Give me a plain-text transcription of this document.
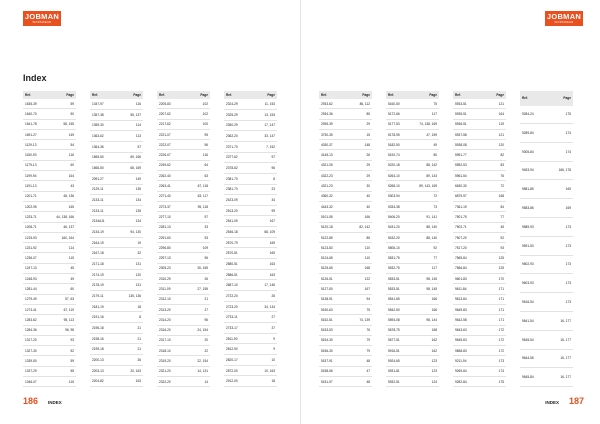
JOBMAN
WORKWEAR
Index
Ref.	Page
1635-39	59
1640-70	50
1641-78	58, 155
1691-27	149
1129-13	54
1150-93	116
1179-13	60
1199-94	164
1191-13	43
1201-71	48, 136
1202-95	165
1233-71	44, 138, 166
1208-71	46, 137
1215-93	160, 164
1231-92	114
1236-07	115
1247-13	45
1248-93	49
1281-44	60
1279-49	57, 63
1273-41	67, 119
1283-62	95, 113
1284-36	96, 98
1317-20	93
1327-30	52
1339-50	59
1337-29	55
1346-07	115
Ref.	Page
1347-97	116
1357-38	55, 137
1359-30	114
1363-62	113
1364-36	57
1565-50	69, 166
1566-50	68, 169
2091-27	149
2129-11	135
2133-11	134
2133-11	135
2134A11	134
2134-19	94, 130
2164-19	19
2167-18	32
2171-18	131
2174-19	120
2178-19	131
2179-11	135, 136
2181-19	18
2191-16	8
2196-18	21
2198-16	21
2199-18	21
2200-13	26
2203-13	20, 163
2204-82	163
Ref.	Page
2205-83	102
2207-62	102
2217-62	100
2221-07	95
2222-07	96
2226-07	116
2249-62	64
2262-40	63
2263-41	67, 118
2271-40	63, 117
2273-37	95, 118
2277-10	97
2281-13	33
2291-60	93
2296-80	109
2297-13	96
2305-23	26, 155
2310-29	26
2311-09	27, 155
2312-10	21
2313-20	27
2314-20	96
2316-20	24, 154
2317-10	20
2318-10	22
2319-20	22, 154
2321-20	14, 131
2322-20	14
Ref.	Page
2324-29	11, 153
2325-29	13, 153
2350-29	17, 147
2362-20	33, 147
2371-70	7, 152
2377-62	97
2378-62	96
2381-70	8
2381-70	23
2423-09	34
2513-20	99
2541-09	167
2546-18	68, 109
2570-79	169
2570-51	169
2580-51	163
2586-51	163
2687-10	17, 146
2722-20	26
2723-20	34, 134
2733-11	27
2733-17	37
2811-90	9
2812-90	9
2820-17	10
2872-00	10, 163
2912-00	18
186 INDEX
JOBMAN
WORKWEAR
Ref.	Page
2933-62	86, 112
2934-36	85
2935-39	29
3730-35	15
4030-37	148
4145-13	26
4321-05	29
4322-23	29
4321-23	30
4360-32	40
4443-32	40
5101-55	166
5120-18	82, 142
5122-85	85
5123-83	110
5124-65	110
5125-65	168
5126-51	122
5127-50	167
5138-91	94
5150-63	75
5152-51	74, 139
5153-53	76
5154-30	79
5156-30	79
5157-91	48
5158-56	47
5151-97	48
Ref.	Page
5160-50	75
5172-66	117
5177-53	74, 138, 169
5178-95	47, 159
5182-50	49
5192-74	80
5220-18	88, 142
5264-10	89, 143
5268-10	89, 143, 169
5303-94	72
5334-38	73
5406-20	91, 141
5431-20	88, 140
5432-20	88, 140
5506-10	92
5531-75	77
5532-75	117
5533-51	98, 145
5533-51	98, 145
5541-65	166
5542-50	166
5594-08	98, 144
5678-75	168
5677-51	162
5916-51	162
5924-65	123
5931-81	123
5932-51	124
Ref.	Page
5933-51	121
5935-51	164
5936-51	119
5937-58	121
5938-08	120
5951-77	82
5952-53	83
5961-54	76
6630-30	72
6879-97	168
7361-19	84
7501-75	77
7502-71	45
7507-20	92
7517-20	93
7565-84	125
7566-84	125
9601-83	170
9611-84	171
9613-84	171
9649-83	171
9642-58	171
9643-63	172
9645-63	172
9858-83	172
9211-94	173
9269-84	174
9282-84	175
Ref.	Page
9284-24	175
9289-84	174
9305-84	174
9453-94	166, 178
9581-85	169
9583-86	169
9589-93	173
9591-53	173
9602-93	173
9603-93	173
9616-54	173
9641-54	16, 177
9645-54	16, 177
9644-55	16, 177
9645-84	16, 177
INDEX 187
